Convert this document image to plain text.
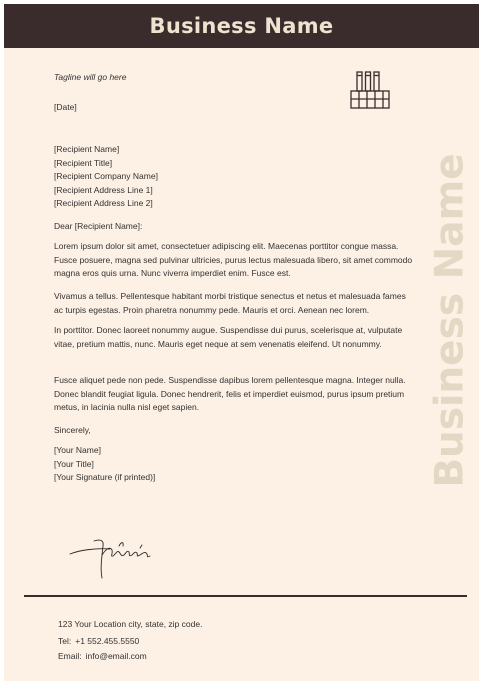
Business Name
Tagline will go here
[Date]
[Recipient Name]
[Recipient Title]
[Recipient Company Name]
[Recipient Address Line 1]
[Recipient Address Line 2]
Dear [Recipient Name]:
Lorem ipsum dolor sit amet, consectetuer adipiscing elit. Maecenas porttitor congue massa. Fusce posuere, magna sed pulvinar ultricies, purus lectus malesuada libero, sit amet commodo magna eros quis urna. Nunc viverra imperdiet enim. Fusce est.
Vivamus a tellus. Pellentesque habitant morbi tristique senectus et netus et malesuada fames ac turpis egestas. Proin pharetra nonummy pede. Mauris et orci. Aenean nec lorem.
In porttitor. Donec laoreet nonummy augue. Suspendisse dui purus, scelerisque at, vulputate vitae, pretium mattis, nunc. Mauris eget neque at sem venenatis eleifend. Ut nonummy.
Fusce aliquet pede non pede. Suspendisse dapibus lorem pellentesque magna. Integer nulla. Donec blandit feugiat ligula. Donec hendrerit, felis et imperdiet euismod, purus ipsum pretium metus, in lacinia nulla nisl eget sapien.
Sincerely,
[Your Name]
[Your Title]
[Your Signature (if printed)]	Business Name
123 Your Location city, state, zip code.
Tel: +1 552.455.5550
Email: info@email.com
